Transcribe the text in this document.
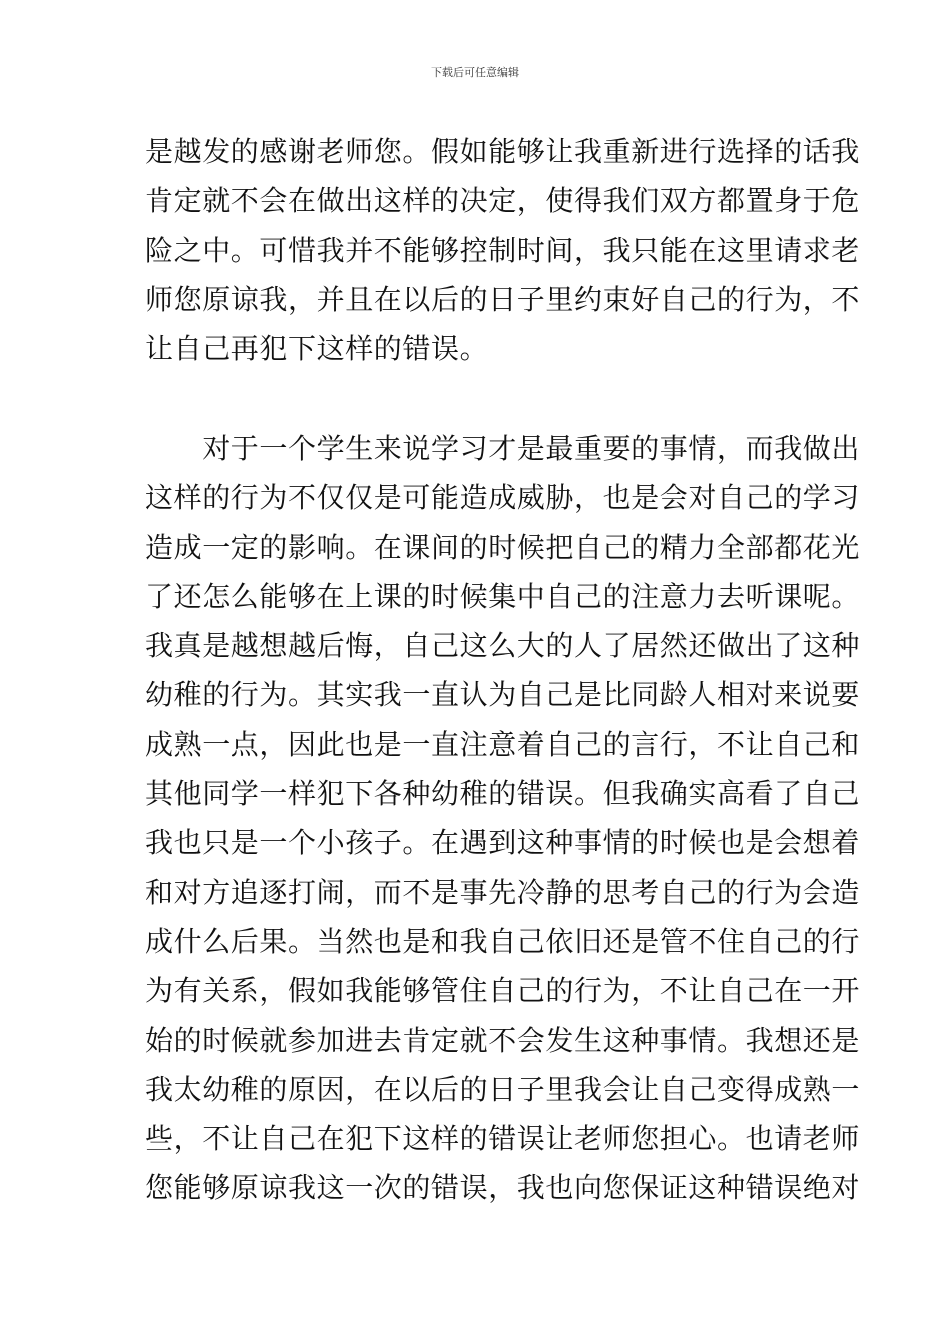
下载后可任意编辑
是越发的感谢老师您。假如能够让我重新进行选择的话我
肯定就不会在做出这样的决定，使得我们双方都置身于危
险之中。可惜我并不能够控制时间，我只能在这里请求老
师您原谅我，并且在以后的日子里约束好自己的行为，不
让自己再犯下这样的错误。
　　对于一个学生来说学习才是最重要的事情，而我做出
这样的行为不仅仅是可能造成威胁，也是会对自己的学习
造成一定的影响。在课间的时候把自己的精力全部都花光
了还怎么能够在上课的时候集中自己的注意力去听课呢。
我真是越想越后悔，自己这么大的人了居然还做出了这种
幼稚的行为。其实我一直认为自己是比同龄人相对来说要
成熟一点，因此也是一直注意着自己的言行，不让自己和
其他同学一样犯下各种幼稚的错误。但我确实高看了自己
我也只是一个小孩子。在遇到这种事情的时候也是会想着
和对方追逐打闹，而不是事先冷静的思考自己的行为会造
成什么后果。当然也是和我自己依旧还是管不住自己的行
为有关系，假如我能够管住自己的行为，不让自己在一开
始的时候就参加进去肯定就不会发生这种事情。我想还是
我太幼稚的原因，在以后的日子里我会让自己变得成熟一
些，不让自己在犯下这样的错误让老师您担心。也请老师
您能够原谅我这一次的错误，我也向您保证这种错误绝对
